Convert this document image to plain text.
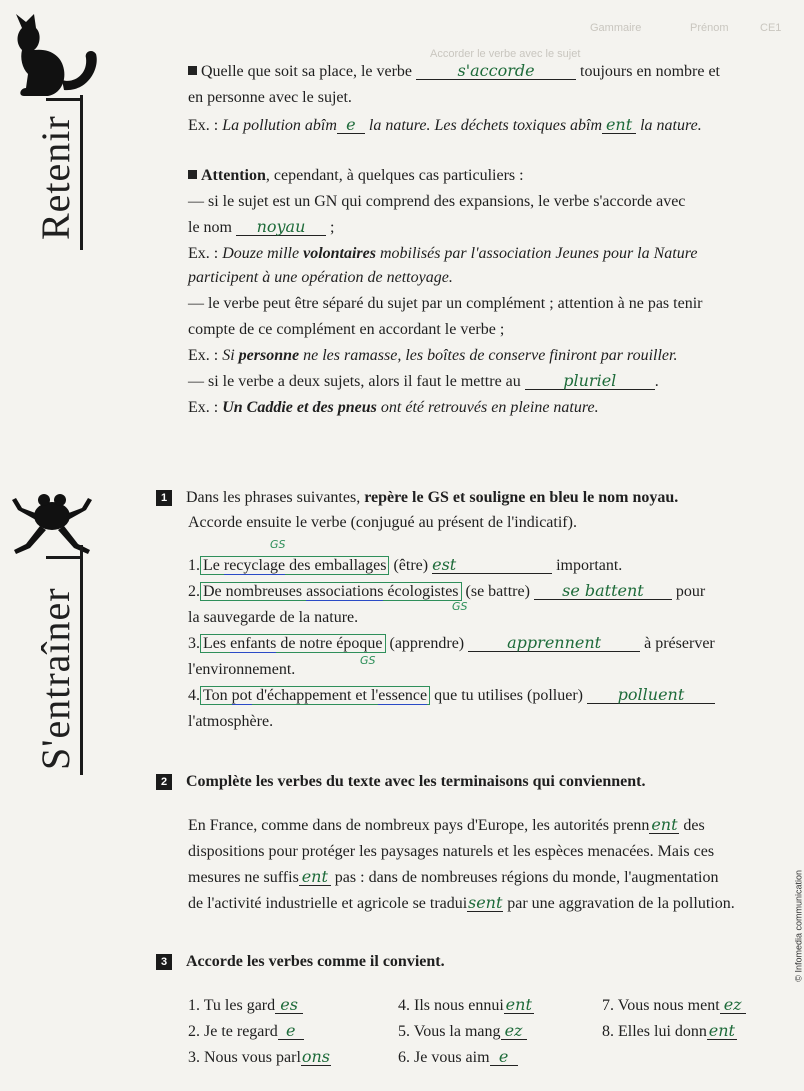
Gammaire
Accorder le verbe avec le sujet
Prénom	CE1
Retenir
S'entraîner
Quelle que soit sa place, le verbe	s'accorde	toujours en nombre et
en personne avec le sujet.
Ex. : La pollution abîm e la nature. Les déchets toxiques abîm ent la nature.
Attention, cependant, à quelques cas particuliers :
— si le sujet est un GN qui comprend des expansions, le verbe s'accorde avec
le nom noyau ;
Ex. : Douze mille volontaires mobilisés par l'association Jeunes pour la Nature
participent à une opération de nettoyage.
— le verbe peut être séparé du sujet par un complément ; attention à ne pas tenir
compte de ce complément en accordant le verbe ;
Ex. : Si personne ne les ramasse, les boîtes de conserve finiront par rouiller.
— si le verbe a deux sujets, alors il faut le mettre au	pluriel .
Ex. : Un Caddie et des pneus ont été retrouvés en pleine nature.
1 Dans les phrases suivantes, repère le GS et souligne en bleu le nom noyau.
Accorde ensuite le verbe (conjugué au présent de l'indicatif).
GS
1. Le recyclage des emballages (être) est	important.
2. De nombreuses associations écologistes (se battre) se battent pour
GS
la sauvegarde de la nature.
3. Les enfants de notre époque (apprendre)	apprennent	à préserver
GS
l'environnement.
4. Ton pot d'échappement et l'essence que tu utilises (polluer) polluent
l'atmosphère.
2 Complète les verbes du texte avec les terminaisons qui conviennent.
En France, comme dans de nombreux pays d'Europe, les autorités prenn ent des
dispositions pour protéger les paysages naturels et les espèces menacées. Mais ces
mesures ne suffis ent pas : dans de nombreuses régions du monde, l'augmentation
de l'activité industrielle et agricole se traduisent par une aggravation de la pollution.
3 Accorde les verbes comme il convient.
1. Tu les gard es
2. Je te regard e
3. Nous vous parlons
4. Ils nous ennui ent
5. Vous la mang ez
6. Je vous aim e
7. Vous nous ment ez
8. Elles lui donn ent
© Infomedia communication
